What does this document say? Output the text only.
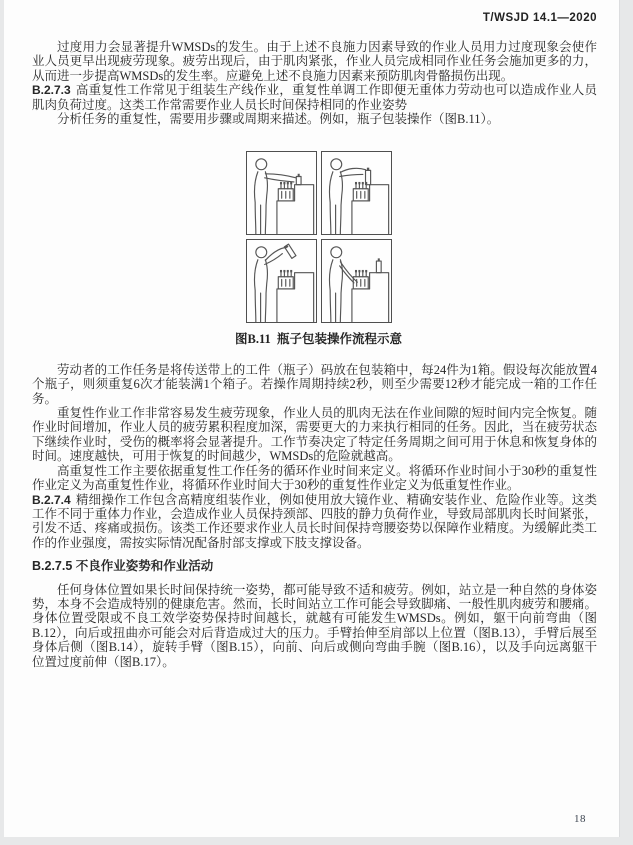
T/WSJD 14.1—2020

过度用力会显著提升WMSDs的发生。由于上述不良施力因素导致的作业人员用力过度现象会使作业人员更早出现疲劳现象。疲劳出现后，由于肌肉紧张，作业人员完成相同作业任务会施加更多的力，从而进一步提高WMSDs的发生率。应避免上述不良施力因素来预防肌肉骨骼损伤出现。

B.2.7.3 高重复性工作常见于组装生产线作业，重复性单调工作即便无重体力劳动也可以造成作业人员肌肉负荷过度。这类工作常需要作业人员长时间保持相同的作业姿势

分析任务的重复性，需要用步骤或周期来描述。例如，瓶子包装操作（图B.11）。

图B.11  瓶子包装操作流程示意

劳动者的工作任务是将传送带上的工件（瓶子）码放在包装箱中，每24件为1箱。假设每次能放置4个瓶子，则须重复6次才能装满1个箱子。若操作周期持续2秒，则至少需要12秒才能完成一箱的工作任务。

重复性作业工作非常容易发生疲劳现象，作业人员的肌肉无法在作业间隙的短时间内完全恢复。随作业时间增加，作业人员的疲劳累积程度加深，需要更大的力来执行相同的任务。因此，当在疲劳状态下继续作业时，受伤的概率将会显著提升。工作节奏决定了特定任务周期之间可用于休息和恢复身体的时间。速度越快，可用于恢复的时间越少，WMSDs的危险就越高。

高重复性工作主要依据重复性工作任务的循环作业时间来定义。将循环作业时间小于30秒的重复性作业定义为高重复性作业，将循环作业时间大于30秒的重复性作业定义为低重复性作业。

B.2.7.4 精细操作工作包含高精度组装作业，例如使用放大镜作业、精确安装作业、危险作业等。这类工作不同于重体力作业，会造成作业人员保持颈部、四肢的静力负荷作业，导致局部肌肉长时间紧张，引发不适、疼痛或损伤。该类工作还要求作业人员长时间保持弯腰姿势以保障作业精度。为缓解此类工作的作业强度，需按实际情况配备肘部支撑或下肢支撑设备。

B.2.7.5 不良作业姿势和作业活动

任何身体位置如果长时间保持统一姿势，都可能导致不适和疲劳。例如，站立是一种自然的身体姿势，本身不会造成特别的健康危害。然而，长时间站立工作可能会导致脚痛、一般性肌肉疲劳和腰痛。身体位置受限或不良工效学姿势保持时间越长，就越有可能发生WMSDs。例如，躯干向前弯曲（图B.12），向后或扭曲亦可能会对后背造成过大的压力。手臂抬伸至肩部以上位置（图B.13），手臂后展至身体后侧（图B.14），旋转手臂（图B.15），向前、向后或侧向弯曲手腕（图B.16），以及手向远离躯干位置过度前伸（图B.17）。

18
